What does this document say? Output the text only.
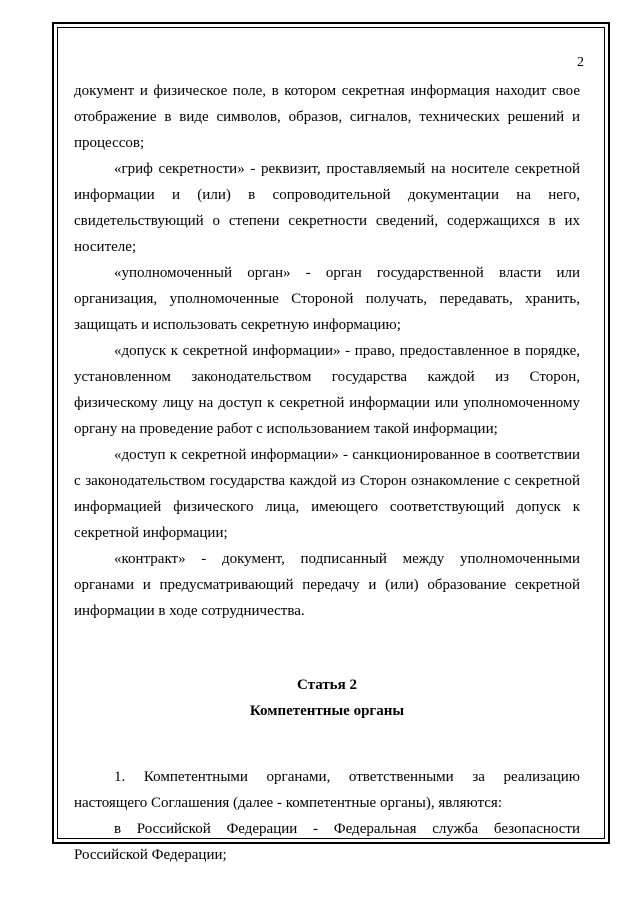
2

документ и физическое поле, в котором секретная информация находит свое отображение в виде символов, образов, сигналов, технических решений и процессов;

«гриф секретности» - реквизит, проставляемый на носителе секретной информации и (или) в сопроводительной документации на него, свидетельствующий о степени секретности сведений, содержащихся в их носителе;

«уполномоченный орган» - орган государственной власти или организация, уполномоченные Стороной получать, передавать, хранить, защищать и использовать секретную информацию;

«допуск к секретной информации» - право, предоставленное в порядке, установленном законодательством государства каждой из Сторон, физическому лицу на доступ к секретной информации или уполномоченному органу на проведение работ с использованием такой информации;

«доступ к секретной информации» - санкционированное в соответствии с законодательством государства каждой из Сторон ознакомление с секретной информацией физического лица, имеющего соответствующий допуск к секретной информации;

«контракт» - документ, подписанный между уполномоченными органами и предусматривающий передачу и (или) образование секретной информации в ходе сотрудничества.

Статья 2

Компетентные органы

1. Компетентными органами, ответственными за реализацию настоящего Соглашения (далее - компетентные органы), являются:

в Российской Федерации - Федеральная служба безопасности Российской Федерации;
